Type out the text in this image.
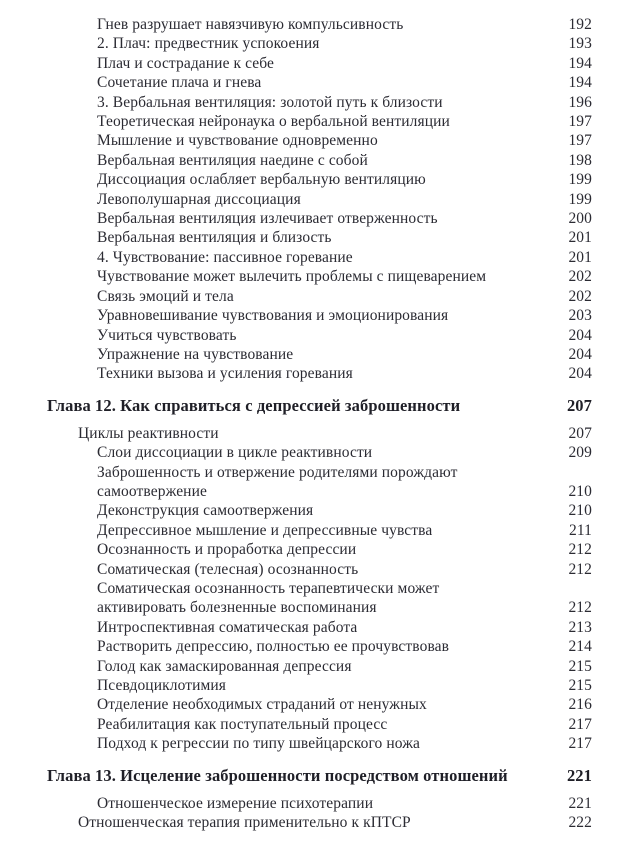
Гнев разрушает навязчивую компульсивность	192
2. Плач: предвестник успокоения	193
Плач и сострадание к себе	194
Сочетание плача и гнева	194
3. Вербальная вентиляция: золотой путь к близости	196
Теоретическая нейронаука о вербальной вентиляции	197
Мышление и чувствование одновременно	197
Вербальная вентиляция наедине с собой	198
Диссоциация ослабляет вербальную вентиляцию	199
Левополушарная диссоциация	199
Вербальная вентиляция излечивает отверженность	200
Вербальная вентиляция и близость	201
4. Чувствование: пассивное горевание	201
Чувствование может вылечить проблемы с пищеварением	202
Связь эмоций и тела	202
Уравновешивание чувствования и эмоционирования	203
Учиться чувствовать	204
Упражнение на чувствование	204
Техники вызова и усиления горевания	204
Глава 12. Как справиться с депрессией заброшенности	207
Циклы реактивности	207
Слои диссоциации в цикле реактивности	209
Заброшенность и отвержение родителями порождают
самоотвержение	210
Деконструкция самоотвержения	210
Депрессивное мышление и депрессивные чувства	211
Осознанность и проработка депрессии	212
Соматическая (телесная) осознанность	212
Соматическая осознанность терапевтически может
активировать болезненные воспоминания	212
Интроспективная соматическая работа	213
Растворить депрессию, полностью ее прочувствовав	214
Голод как замаскированная депрессия	215
Псевдоциклотимия	215
Отделение необходимых страданий от ненужных	216
Реабилитация как поступательный процесс	217
Подход к регрессии по типу швейцарского ножа	217
Глава 13. Исцеление заброшенности посредством отношений	221
Отношенческое измерение психотерапии	221
Отношенческая терапия применительно к кПТСР	222
